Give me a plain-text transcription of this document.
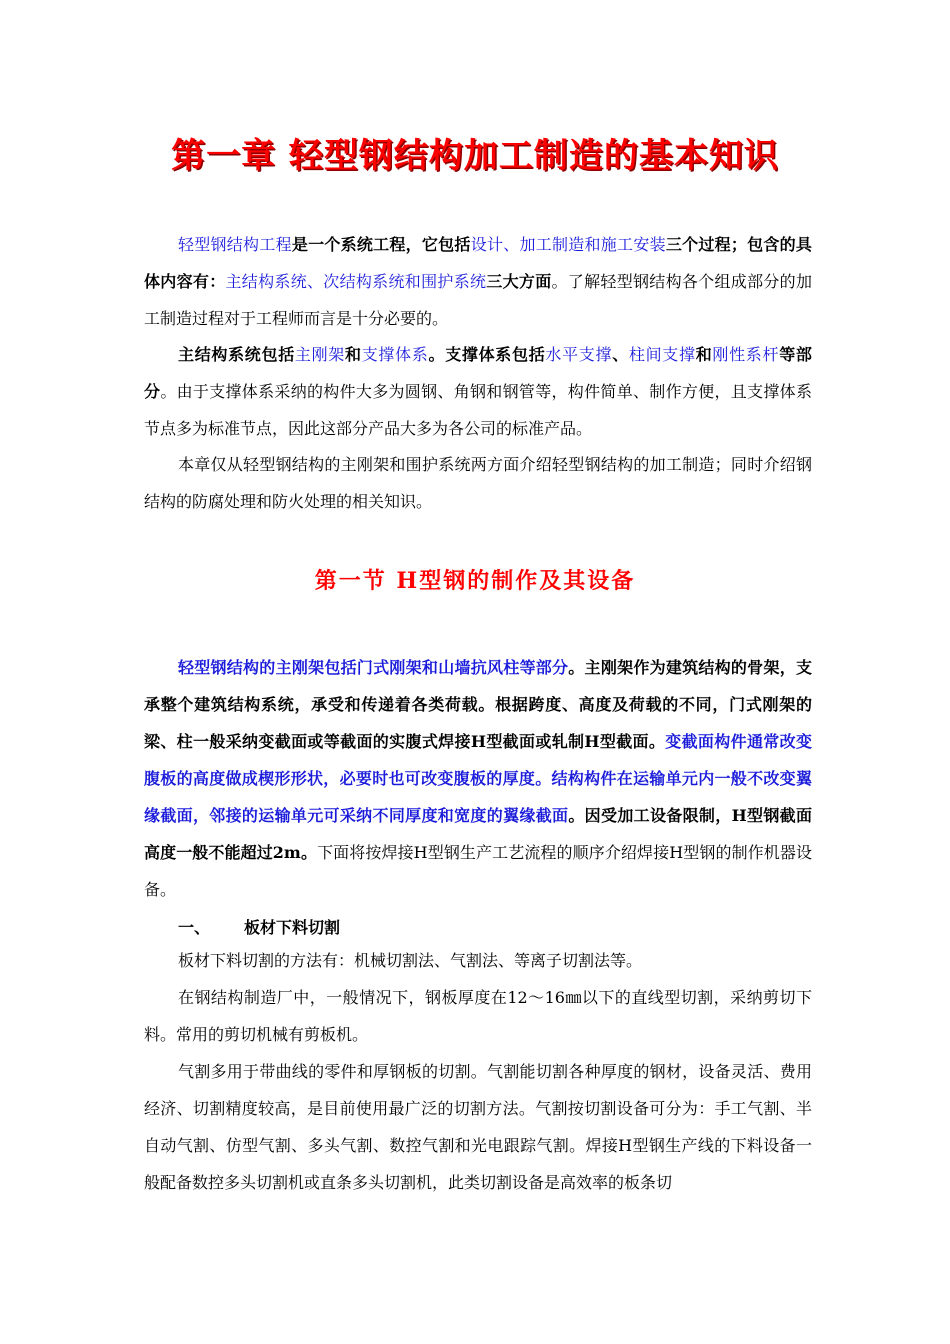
第一章 轻型钢结构加工制造的基本知识

轻型钢结构工程是一个系统工程，它包括设计、加工制造和施工安装三个过程；包含的具体内容有：主结构系统、次结构系统和围护系统三大方面。了解轻型钢结构各个组成部分的加工制造过程对于工程师而言是十分必要的。

主结构系统包括主刚架和支撑体系。支撑体系包括水平支撑、柱间支撑和刚性系杆等部分。由于支撑体系采纳的构件大多为圆钢、角钢和钢管等，构件简单、制作方便，且支撑体系节点多为标准节点，因此这部分产品大多为各公司的标准产品。

本章仅从轻型钢结构的主刚架和围护系统两方面介绍轻型钢结构的加工制造；同时介绍钢结构的防腐处理和防火处理的相关知识。

第一节 H型钢的制作及其设备

轻型钢结构的主刚架包括门式刚架和山墙抗风柱等部分。主刚架作为建筑结构的骨架，支承整个建筑结构系统，承受和传递着各类荷载。根据跨度、高度及荷载的不同，门式刚架的梁、柱一般采纳变截面或等截面的实腹式焊接H型截面或轧制H型截面。变截面构件通常改变腹板的高度做成楔形形状，必要时也可改变腹板的厚度。结构构件在运输单元内一般不改变翼缘截面，邻接的运输单元可采纳不同厚度和宽度的翼缘截面。因受加工设备限制，H型钢截面高度一般不能超过2m。下面将按焊接H型钢生产工艺流程的顺序介绍焊接H型钢的制作机器设备。

一、 板材下料切割

板材下料切割的方法有：机械切割法、气割法、等离子切割法等。

在钢结构制造厂中，一般情况下，钢板厚度在12～16㎜以下的直线型切割，采纳剪切下料。常用的剪切机械有剪板机。

气割多用于带曲线的零件和厚钢板的切割。气割能切割各种厚度的钢材，设备灵活、费用经济、切割精度较高，是目前使用最广泛的切割方法。气割按切割设备可分为：手工气割、半自动气割、仿型气割、多头气割、数控气割和光电跟踪气割。焊接H型钢生产线的下料设备一般配备数控多头切割机或直条多头切割机，此类切割设备是高效率的板条切
